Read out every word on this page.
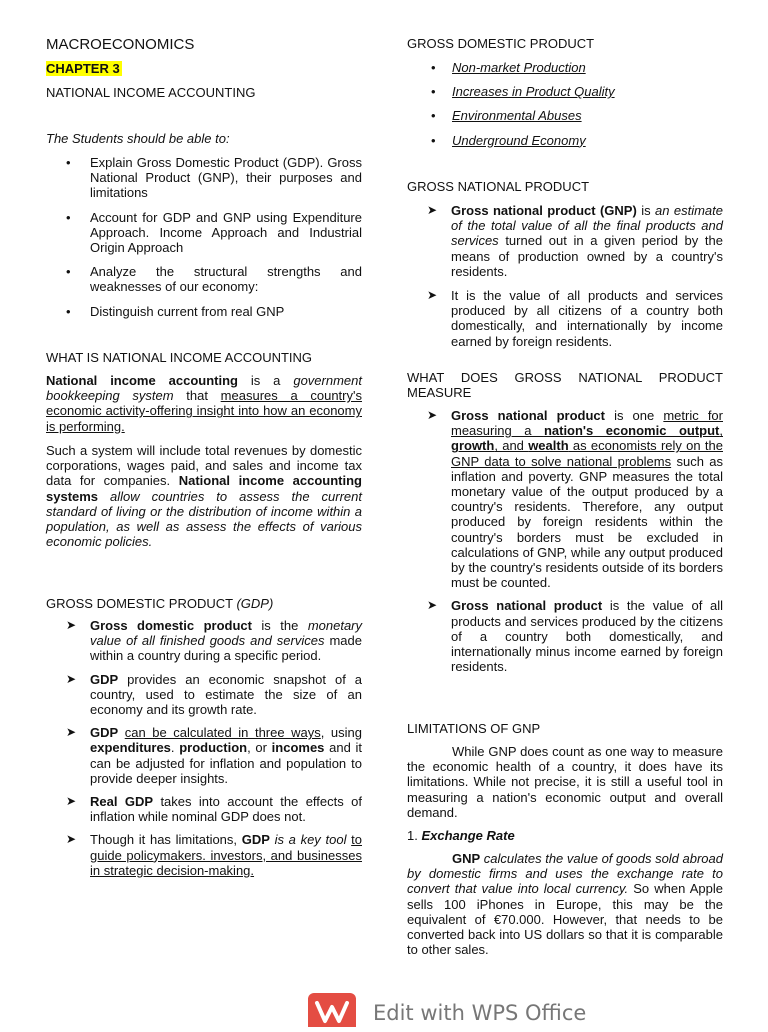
MACROECONOMICS
CHAPTER 3
NATIONAL INCOME ACCOUNTING
The Students should be able to:
• Explain Gross Domestic Product (GDP). Gross National Product (GNP), their purposes and limitations

• Account for GDP and GNP using Expenditure Approach. Income Approach and Industrial Origin Approach

• Analyze the structural strengths and weaknesses of our economy:

• Distinguish current from real GNP

WHAT IS NATIONAL INCOME ACCOUNTING

National income accounting is a government bookkeeping system that measures a country's economic activity-offering insight into how an economy is performing.

Such a system will include total revenues by domestic corporations, wages paid, and sales and income tax data for companies. National income accounting systems allow countries to assess the current standard of living or the distribution of income within a population, as well as assess the effects of various economic policies.

GROSS DOMESTIC PRODUCT (GDP)
➤ Gross domestic product is the monetary value of all finished goods and services made within a country during a specific period.

➤ GDP provides an economic snapshot of a country, used to estimate the size of an economy and its growth rate.

➤ GDP can be calculated in three ways, using expenditures. production, or incomes and it can be adjusted for inflation and population to provide deeper insights.

➤ Real GDP takes into account the effects of inflation while nominal GDP does not.

➤ Though it has limitations, GDP is a key tool to guide policymakers. investors, and businesses in strategic decision-making.

GROSS DOMESTIC PRODUCT
• Non-market Production
• Increases in Product Quality
• Environmental Abuses
• Underground Economy
GROSS NATIONAL PRODUCT
➤ Gross national product (GNP) is an estimate of the total value of all the final products and services turned out in a given period by the means of production owned by a country's residents.

➤ It is the value of all products and services produced by all citizens of a country both domestically, and internationally by income earned by foreign residents.

WHAT DOES GROSS NATIONAL PRODUCT MEASURE

➤ Gross national product is one metric for measuring a nation's economic output, growth, and wealth as economists rely on the GNP data to solve national problems such as inflation and poverty. GNP measures the total monetary value of the output produced by a country's residents. Therefore, any output produced by foreign residents within the country's borders must be excluded in calculations of GNP, while any output produced by the country's residents outside of its borders must be counted.

➤ Gross national product is the value of all products and services produced by the citizens of a country both domestically, and internationally minus income earned by foreign residents.

LIMITATIONS OF GNP

While GNP does count as one way to measure the economic health of a country, it does have its limitations. While not precise, it is still a useful tool in measuring a nation's economic output and overall demand.

1. Exchange Rate

GNP calculates the value of goods sold abroad by domestic firms and uses the exchange rate to convert that value into local currency. So when Apple sells 100 iPhones in Europe, this may be the equivalent of €70.000. However, that needs to be converted back into US dollars so that it is comparable to other sales.

Edit with WPS Office
